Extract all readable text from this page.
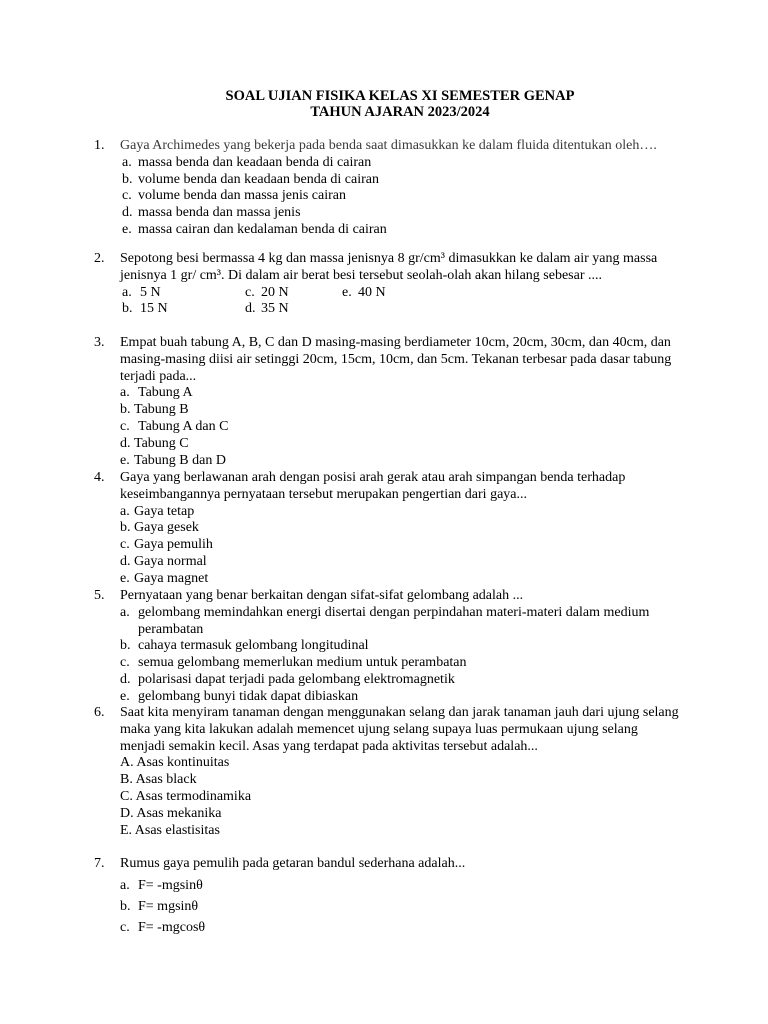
SOAL UJIAN FISIKA KELAS XI SEMESTER GENAP
TAHUN AJARAN 2023/2024
1.	Gaya Archimedes yang bekerja pada benda saat dimasukkan ke dalam fluida ditentukan oleh….
a. massa benda dan keadaan benda di cairan
b. volume benda dan keadaan benda di cairan
c. volume benda dan massa jenis cairan
d. massa benda dan massa jenis
e. massa cairan dan kedalaman benda di cairan
2.	Sepotong besi bermassa 4 kg dan massa jenisnya 8 gr/cm³ dimasukkan ke dalam air yang massa jenisnya 1 gr/ cm³. Di dalam air berat besi tersebut seolah-olah akan hilang sebesar ....
a. 5 N	c. 20 N	e. 40 N
b. 15 N	d. 35 N
3.	Empat buah tabung A, B, C dan D masing-masing berdiameter 10cm, 20cm, 30cm, dan 40cm, dan masing-masing diisi air setinggi 20cm, 15cm, 10cm, dan 5cm. Tekanan terbesar pada dasar tabung terjadi pada...
a. Tabung A
b. Tabung B
c. Tabung A dan C
d. Tabung C
e. Tabung B dan D
4.	Gaya yang berlawanan arah dengan posisi arah gerak atau arah simpangan benda terhadap keseimbangannya pernyataan tersebut merupakan pengertian dari gaya...
a. Gaya tetap
b. Gaya gesek
c. Gaya pemulih
d. Gaya normal
e. Gaya magnet
5.	Pernyataan yang benar berkaitan dengan sifat-sifat gelombang adalah ...
a. gelombang memindahkan energi disertai dengan perpindahan materi-materi dalam medium perambatan
b. cahaya termasuk gelombang longitudinal
c. semua gelombang memerlukan medium untuk perambatan
d. polarisasi dapat terjadi pada gelombang elektromagnetik
e. gelombang bunyi tidak dapat dibiaskan
6.	Saat kita menyiram tanaman dengan menggunakan selang dan jarak tanaman jauh dari ujung selang maka yang kita lakukan adalah memencet ujung selang supaya luas permukaan ujung selang menjadi semakin kecil. Asas yang terdapat pada aktivitas tersebut adalah...
A. Asas kontinuitas
B. Asas black
C. Asas termodinamika
D. Asas mekanika
E. Asas elastisitas
7.	Rumus gaya pemulih pada getaran bandul sederhana adalah...
a. F= -mgsinθ
b. F= mgsinθ
c. F= -mgcosθ
